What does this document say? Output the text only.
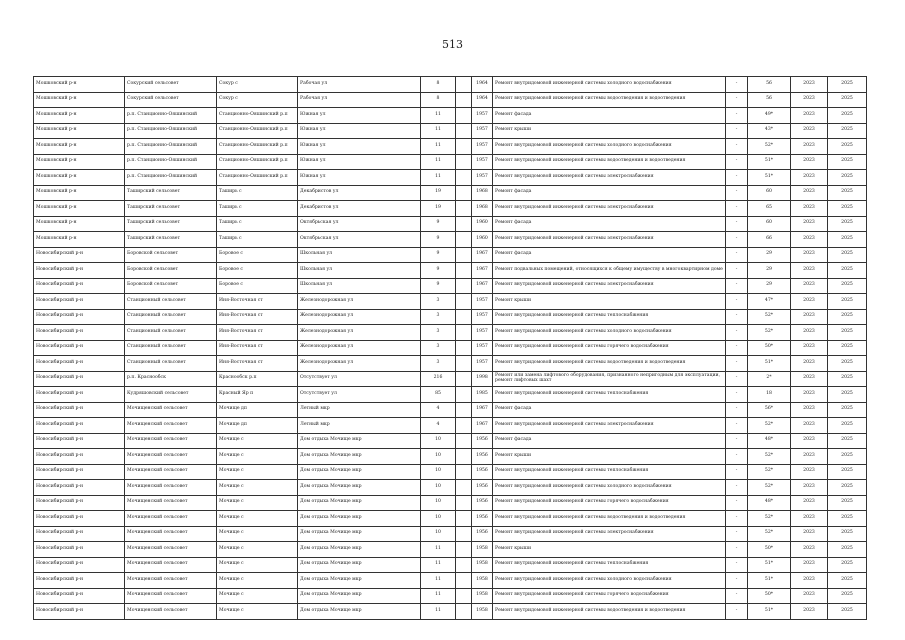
513
Мошковский р-н	Сокурский сельсовет	Сокур с	Рабочая ул	8		1964	Ремонт внутридомовой инженерной системы холодного водоснабжения	-	56	2023	2025
Мошковский р-н	Сокурский сельсовет	Сокур с	Рабочая ул	8		1964	Ремонт внутридомовой инженерной системы водоотведения и водоотведения	-	56	2023	2025
Мошковский р-н	р.п. Станционно-Ояшинский	Станционно-Ояшинский р.п	Южная ул	11		1957	Ремонт фасада	-	49*	2023	2025
Мошковский р-н	р.п. Станционно-Ояшинский	Станционно-Ояшинский р.п	Южная ул	11		1957	Ремонт крыши	-	43*	2023	2025
Мошковский р-н	р.п. Станционно-Ояшинский	Станционно-Ояшинский р.п	Южная ул	11		1957	Ремонт внутридомовой инженерной системы холодного водоснабжения	-	52*	2023	2025
Мошковский р-н	р.п. Станционно-Ояшинский	Станционно-Ояшинский р.п	Южная ул	11		1957	Ремонт внутридомовой инженерной системы водоотведения и водоотведения	-	51*	2023	2025
Мошковский р-н	р.п. Станционно-Ояшинский	Станционно-Ояшинский р.п	Южная ул	11		1957	Ремонт внутридомовой инженерной системы электроснабжения	-	51*	2023	2025
Мошковский р-н	Таширский сельсовет	Таширь с	Декабристов ул	19		1968	Ремонт фасада	-	60	2023	2025
Мошковский р-н	Таширский сельсовет	Таширь с	Декабристов ул	19		1968	Ремонт внутридомовой инженерной системы электроснабжения	-	65	2023	2025
Мошковский р-н	Таширский сельсовет	Таширь с	Октябрьская ул	9		1960	Ремонт фасада	-	60	2023	2025
Мошковский р-н	Таширский сельсовет	Таширь с	Октябрьская ул	9		1960	Ремонт внутридомовой инженерной системы электроснабжения	-	66	2023	2025
Новосибирский р-н	Боровской сельсовет	Боровое с	Школьная ул	9		1967	Ремонт фасада	-	29	2023	2025
Новосибирский р-н	Боровской сельсовет	Боровое с	Школьная ул	9		1967	Ремонт подвальных помещений, относящихся к общему имуществу в многоквартирном доме	-	29	2023	2025
Новосибирский р-н	Боровской сельсовет	Боровое с	Школьная ул	9		1967	Ремонт внутридомовой инженерной системы электроснабжения	-	29	2023	2025
Новосибирский р-н	Станционный сельсовет	Иня-Восточная ст	Железнодорожная ул	3		1957	Ремонт крыши	-	47*	2023	2025
Новосибирский р-н	Станционный сельсовет	Иня-Восточная ст	Железнодорожная ул	3		1957	Ремонт внутридомовой инженерной системы теплоснабжения	-	52*	2023	2025
Новосибирский р-н	Станционный сельсовет	Иня-Восточная ст	Железнодорожная ул	3		1957	Ремонт внутридомовой инженерной системы холодного водоснабжения	-	52*	2023	2025
Новосибирский р-н	Станционный сельсовет	Иня-Восточная ст	Железнодорожная ул	3		1957	Ремонт внутридомовой инженерной системы горячего водоснабжения	-	50*	2023	2025
Новосибирский р-н	Станционный сельсовет	Иня-Восточная ст	Железнодорожная ул	3		1957	Ремонт внутридомовой инженерной системы водоотведения и водоотведения	-	51*	2023	2025
Новосибирский р-н	р.п. Краснообск	Краснообск р.п	Отсутствует ул	216		1998	Ремонт или замена лифтового оборудования, признанного непригодным для эксплуатации, ремонт лифтовых шахт	-	2*	2023	2025
Новосибирский р-н	Кудряшовский сельсовет	Красный Яр п	Отсутствует ул	85		1985	Ремонт внутридомовой инженерной системы теплоснабжения	-	18	2023	2025
Новосибирский р-н	Мочищенский сельсовет	Мочище дп	Летный мкр	4		1967	Ремонт фасада	-	56*	2023	2025
Новосибирский р-н	Мочищенский сельсовет	Мочище дп	Летный мкр	4		1967	Ремонт внутридомовой инженерной системы электроснабжения	-	52*	2023	2025
Новосибирский р-н	Мочищенский сельсовет	Мочище с	Дом отдыха Мочище мкр	10		1956	Ремонт фасада	-	48*	2023	2025
Новосибирский р-н	Мочищенский сельсовет	Мочище с	Дом отдыха Мочище мкр	10		1956	Ремонт крыши	-	52*	2023	2025
Новосибирский р-н	Мочищенский сельсовет	Мочище с	Дом отдыха Мочище мкр	10		1956	Ремонт внутридомовой инженерной системы теплоснабжения	-	52*	2023	2025
Новосибирский р-н	Мочищенский сельсовет	Мочище с	Дом отдыха Мочище мкр	10		1956	Ремонт внутридомовой инженерной системы холодного водоснабжения	-	52*	2023	2025
Новосибирский р-н	Мочищенский сельсовет	Мочище с	Дом отдыха Мочище мкр	10		1956	Ремонт внутридомовой инженерной системы горячего водоснабжения	-	48*	2023	2025
Новосибирский р-н	Мочищенский сельсовет	Мочище с	Дом отдыха Мочище мкр	10		1956	Ремонт внутридомовой инженерной системы водоотведения и водоотведения	-	52*	2023	2025
Новосибирский р-н	Мочищенский сельсовет	Мочище с	Дом отдыха Мочище мкр	10		1956	Ремонт внутридомовой инженерной системы электроснабжения	-	52*	2023	2025
Новосибирский р-н	Мочищенский сельсовет	Мочище с	Дом отдыха Мочище мкр	11		1958	Ремонт крыши	-	50*	2023	2025
Новосибирский р-н	Мочищенский сельсовет	Мочище с	Дом отдыха Мочище мкр	11		1958	Ремонт внутридомовой инженерной системы теплоснабжения	-	51*	2023	2025
Новосибирский р-н	Мочищенский сельсовет	Мочище с	Дом отдыха Мочище мкр	11		1958	Ремонт внутридомовой инженерной системы холодного водоснабжения	-	51*	2023	2025
Новосибирский р-н	Мочищенский сельсовет	Мочище с	Дом отдыха Мочище мкр	11		1958	Ремонт внутридомовой инженерной системы горячего водоснабжения	-	50*	2023	2025
Новосибирский р-н	Мочищенский сельсовет	Мочище с	Дом отдыха Мочище мкр	11		1958	Ремонт внутридомовой инженерной системы водоотведения и водоотведения	-	51*	2023	2025
